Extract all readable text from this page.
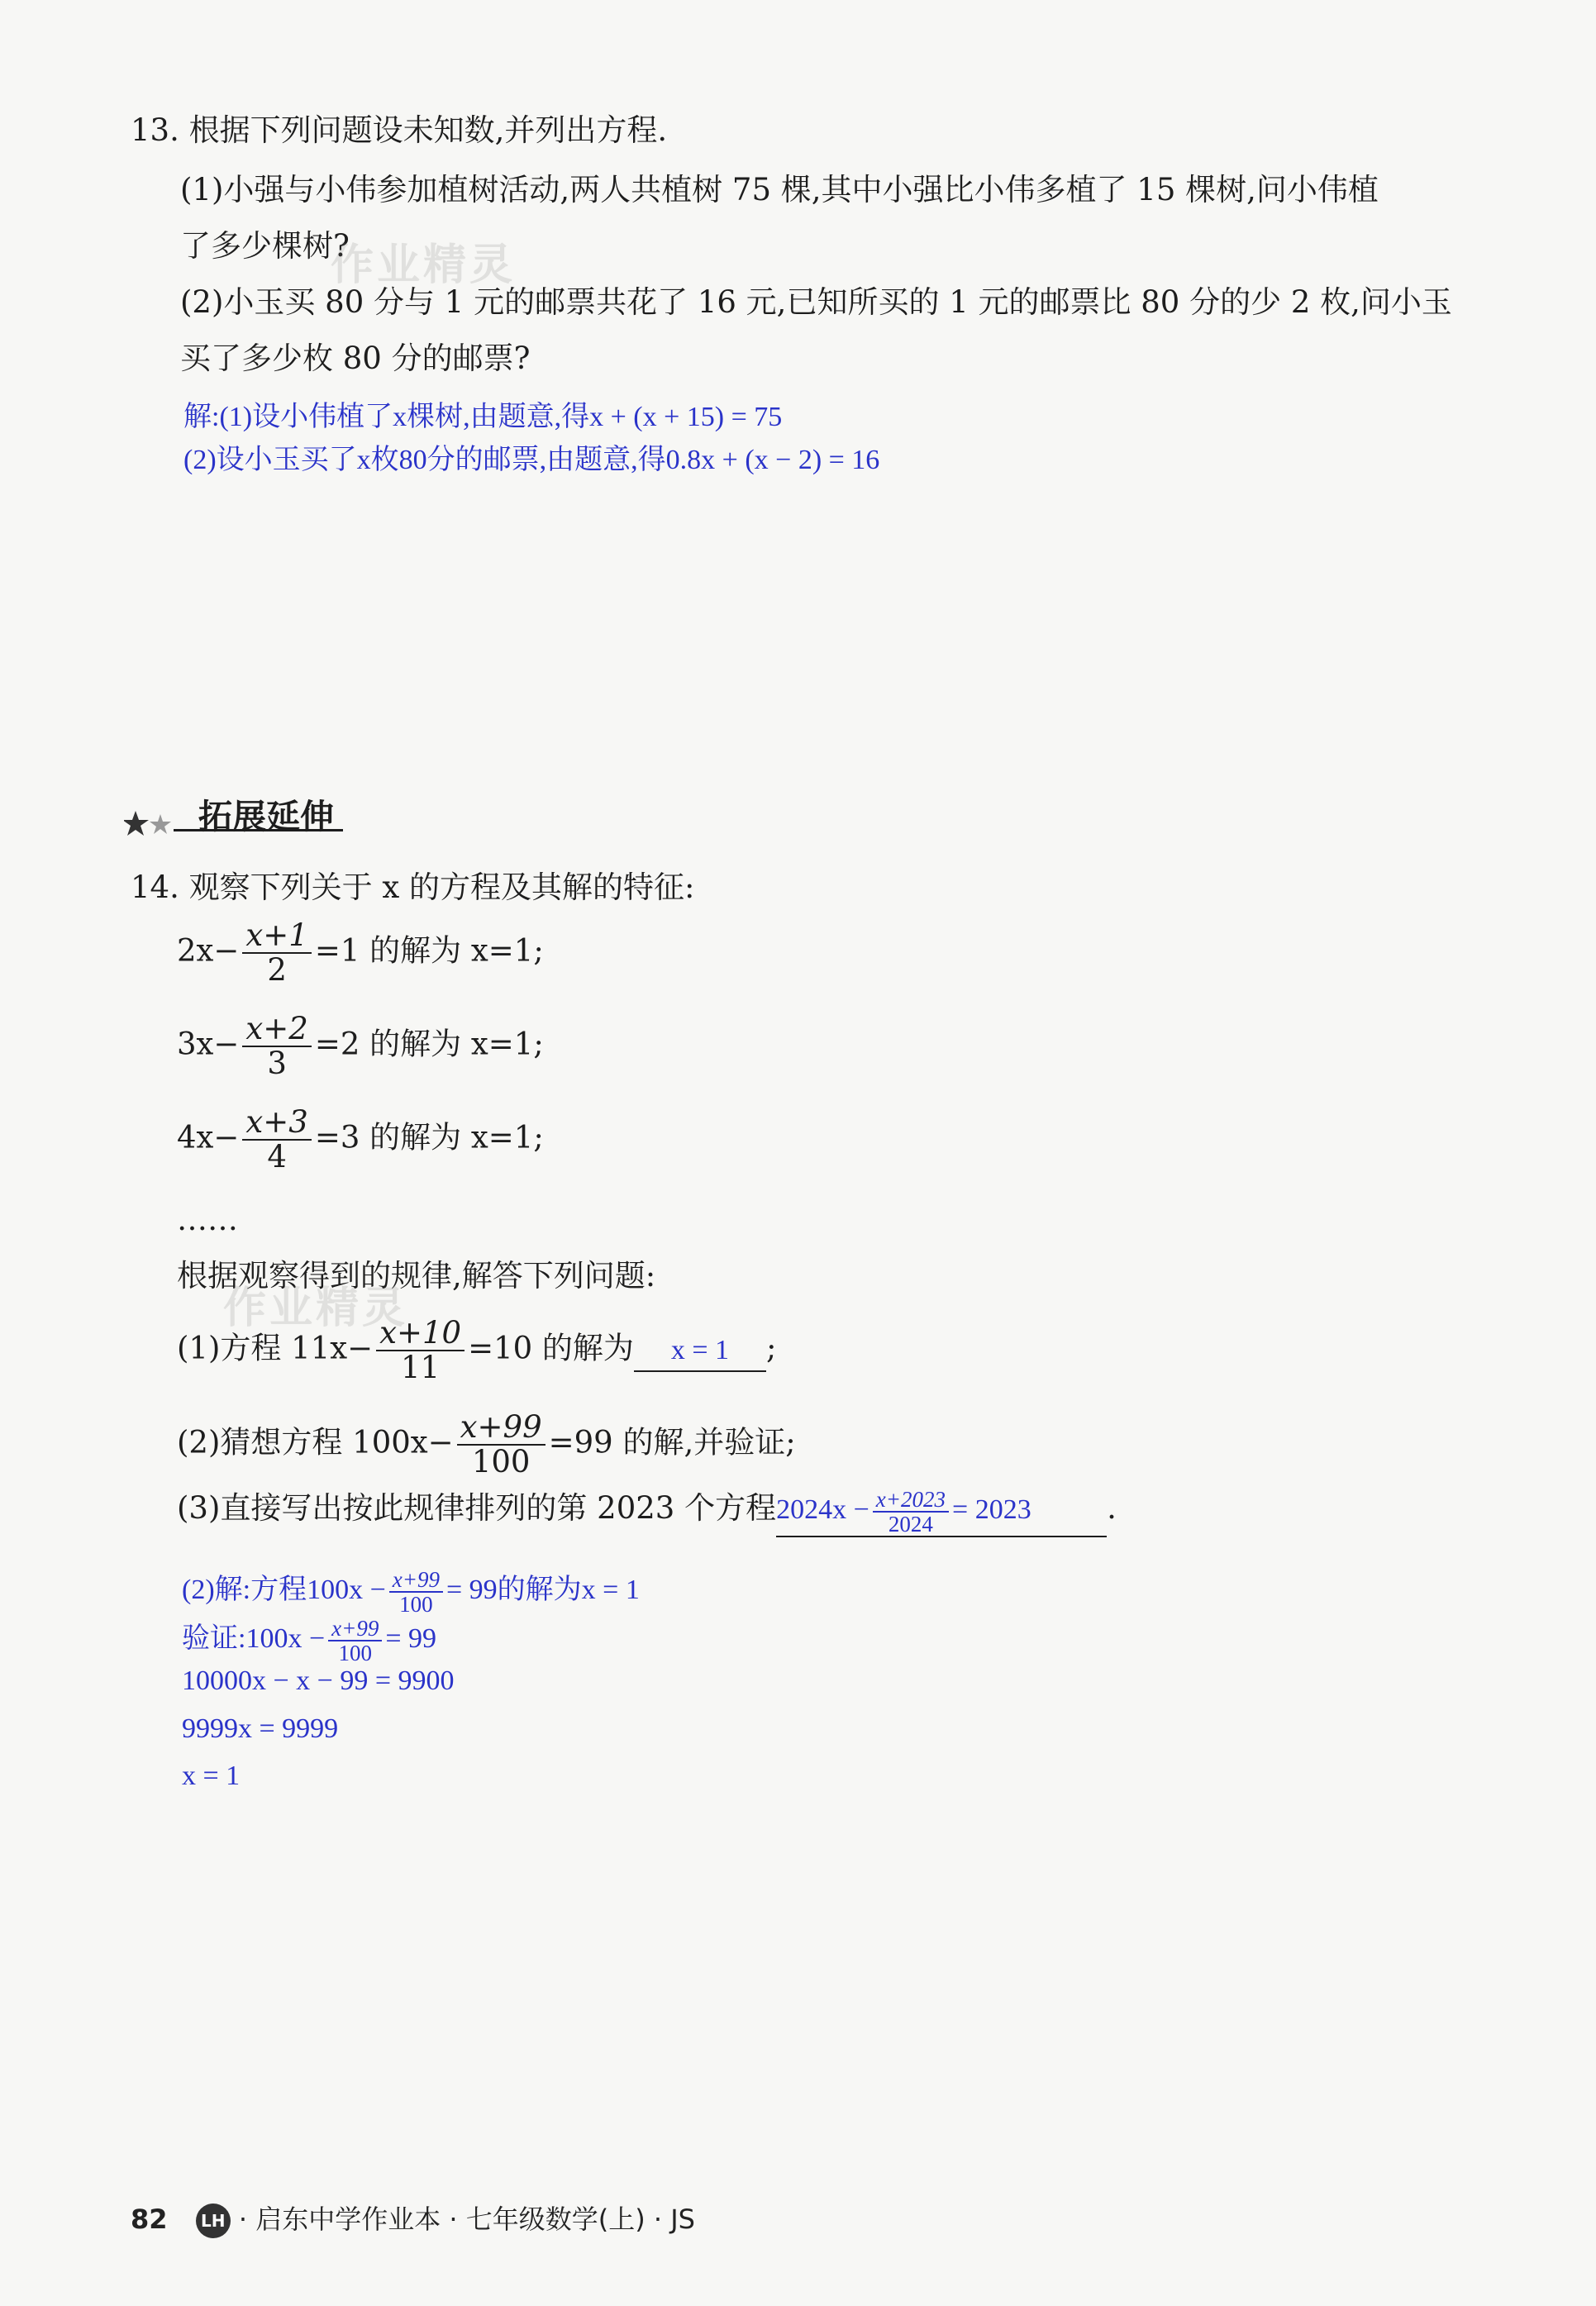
13. 根据下列问题设未知数,并列出方程.
(1)小强与小伟参加植树活动,两人共植树 75 棵,其中小强比小伟多植了 15 棵树,问小伟植
了多少棵树?
作业精灵
(2)小玉买 80 分与 1 元的邮票共花了 16 元,已知所买的 1 元的邮票比 80 分的少 2 枚,问小玉
买了多少枚 80 分的邮票?
解:(1)设小伟植了x棵树,由题意,得x + (x + 15) = 75
(2)设小玉买了x枚80分的邮票,由题意,得0.8x + (x − 2) = 16
拓展延伸
14. 观察下列关于 x 的方程及其解的特征:
$2x- \frac{x+1}{2} =1$ 的解为 x=1;
$3x- \frac{x+2}{3} =2$ 的解为 x=1;
$4x- \frac{x+3}{4} =3$ 的解为 x=1;
……
根据观察得到的规律,解答下列问题:
作业精灵
(1)方程 $11x- \frac{x+10}{11} =10$ 的解为 x = 1 ;
(2)猜想方程 $100x- \frac{x+99}{100} =99$ 的解,并验证;
(3)直接写出按此规律排列的第 2023 个方程$2024x - \frac{x+2023}{2024} = 2023$ .
(2)解:方程$100x - \frac{x+99}{100} = 99$的解为x = 1
验证:100x − $\frac{x+99}{100} = 99$
10000x − x − 99 = 9900
9999x = 9999
x = 1
82 LH · 启东中学作业本 · 七年级数学(上) · JS
